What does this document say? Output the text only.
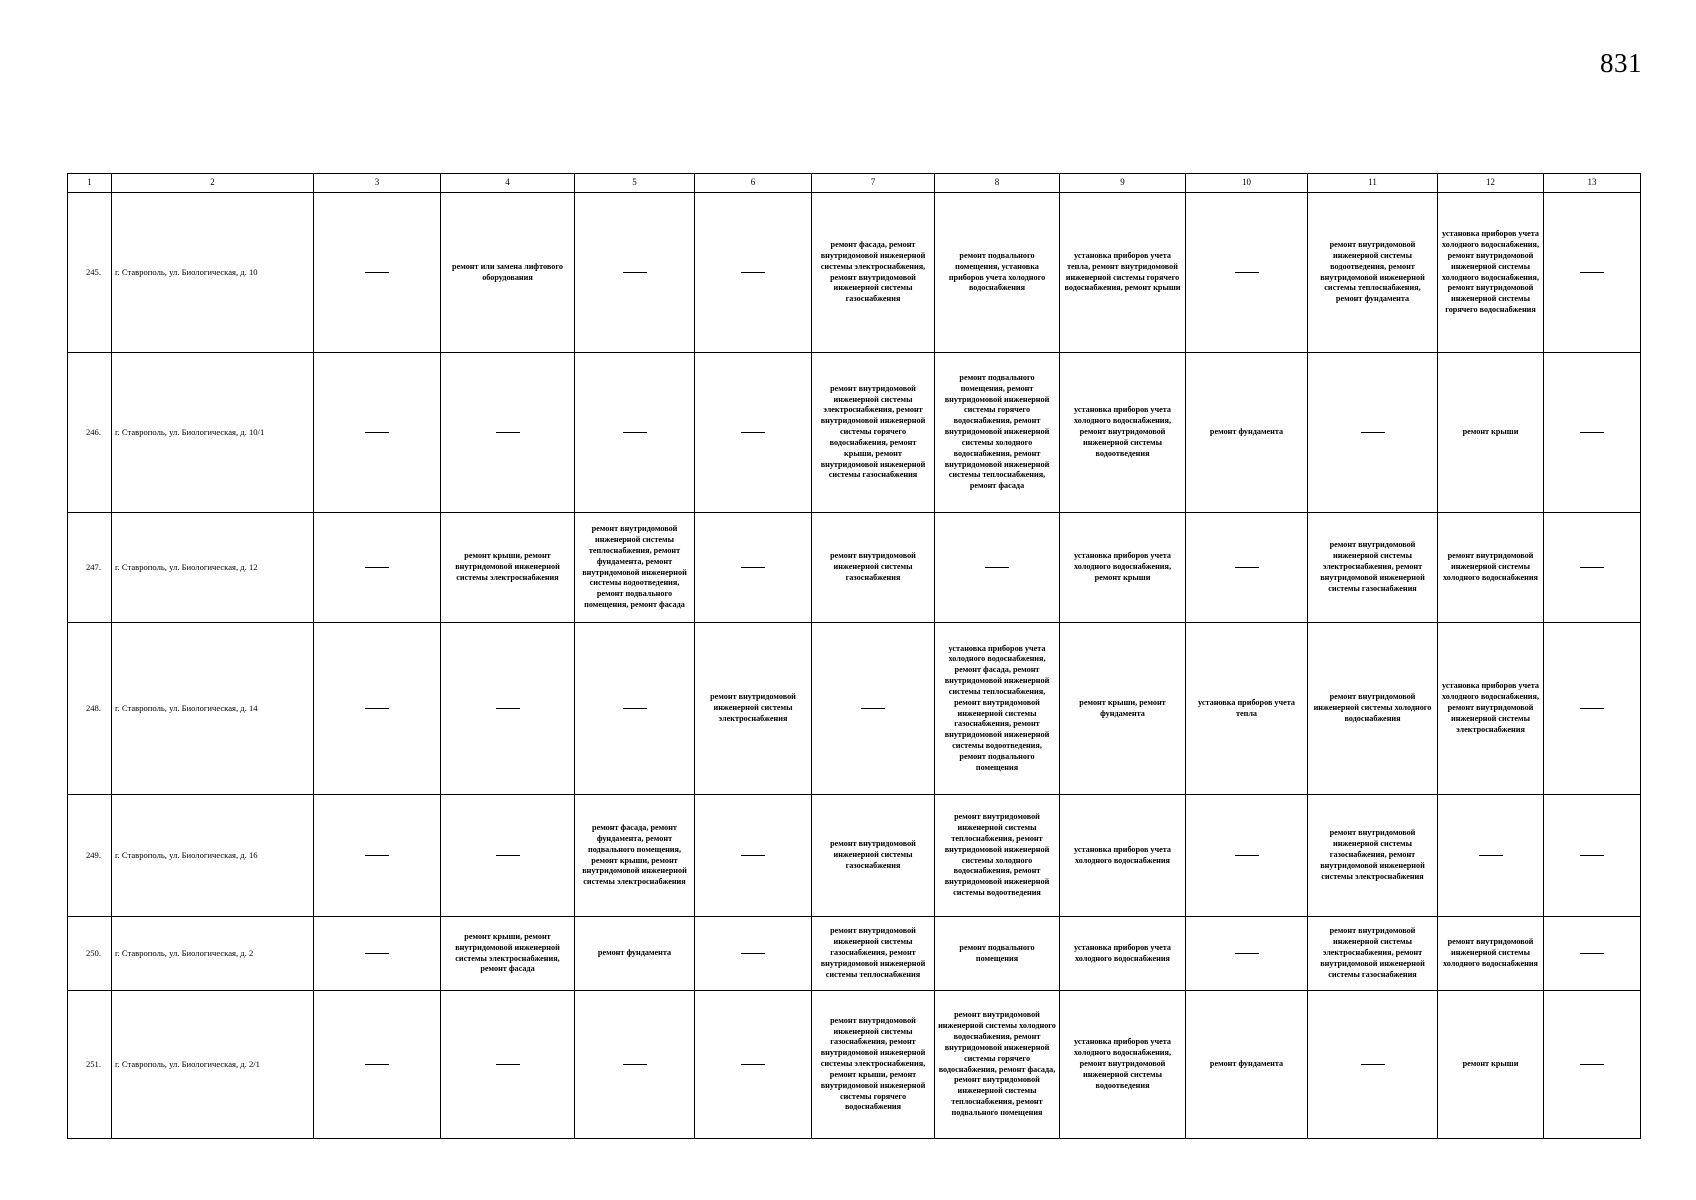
831
1	2	3	4	5	6	7	8	9	10	11	12	13
245.	г. Ставрополь, ул. Биологическая, д. 10		ремонт или замена лифтового оборудования			ремонт фасада, ремонт внутридомовой инженерной системы электроснабжения, ремонт внутридомовой инженерной системы газоснабжения	ремонт подвального помещения, установка приборов учета холодного водоснабжения	установка приборов учета тепла, ремонт внутридомовой инженерной системы горячего водоснабжения, ремонт крыши		ремонт внутридомовой инженерной системы водоотведения, ремонт внутридомовой инженерной системы теплоснабжения, ремонт фундамента	установка приборов учета холодного водоснабжения, ремонт внутридомовой инженерной системы холодного водоснабжения, ремонт внутридомовой инженерной системы горячего водоснабжения	
246.	г. Ставрополь, ул. Биологическая, д. 10/1					ремонт внутридомовой инженерной системы электроснабжения, ремонт внутридомовой инженерной системы горячего водоснабжения, ремонт крыши, ремонт внутридомовой инженерной системы газоснабжения	ремонт подвального помещения, ремонт внутридомовой инженерной системы горячего водоснабжения, ремонт внутридомовой инженерной системы холодного водоснабжения, ремонт внутридомовой инженерной системы теплоснабжения, ремонт фасада	установка приборов учета холодного водоснабжения, ремонт внутридомовой инженерной системы водоотведения	ремонт фундамента		ремонт крыши	
247.	г. Ставрополь, ул. Биологическая, д. 12		ремонт крыши, ремонт внутридомовой инженерной системы электроснабжения	ремонт внутридомовой инженерной системы теплоснабжения, ремонт фундамента, ремонт внутридомовой инженерной системы водоотведения, ремонт подвального помещения, ремонт фасада		ремонт внутридомовой инженерной системы газоснабжения		установка приборов учета холодного водоснабжения, ремонт крыши		ремонт внутридомовой инженерной системы электроснабжения, ремонт внутридомовой инженерной системы газоснабжения	ремонт внутридомовой инженерной системы холодного водоснабжения	
248.	г. Ставрополь, ул. Биологическая, д. 14				ремонт внутридомовой инженерной системы электроснабжения		установка приборов учета холодного водоснабжения, ремонт фасада, ремонт внутридомовой инженерной системы теплоснабжения, ремонт внутридомовой инженерной системы газоснабжения, ремонт внутридомовой инженерной системы водоотведения, ремонт подвального помещения	ремонт крыши, ремонт фундамента	установка приборов учета тепла	ремонт внутридомовой инженерной системы холодного водоснабжения	установка приборов учета холодного водоснабжения, ремонт внутридомовой инженерной системы электроснабжения	
249.	г. Ставрополь, ул. Биологическая, д. 16			ремонт фасада, ремонт фундамента, ремонт подвального помещения, ремонт крыши, ремонт внутридомовой инженерной системы электроснабжения		ремонт внутридомовой инженерной системы газоснабжения	ремонт внутридомовой инженерной системы теплоснабжения, ремонт внутридомовой инженерной системы холодного водоснабжения, ремонт внутридомовой инженерной системы водоотведения	установка приборов учета холодного водоснабжения		ремонт внутридомовой инженерной системы газоснабжения, ремонт внутридомовой инженерной системы электроснабжения		
250.	г. Ставрополь, ул. Биологическая, д. 2		ремонт крыши, ремонт внутридомовой инженерной системы электроснабжения, ремонт фасада	ремонт фундамента		ремонт внутридомовой инженерной системы газоснабжения, ремонт внутридомовой инженерной системы теплоснабжения	ремонт подвального помещения	установка приборов учета холодного водоснабжения		ремонт внутридомовой инженерной системы электроснабжения, ремонт внутридомовой инженерной системы газоснабжения	ремонт внутридомовой инженерной системы холодного водоснабжения	
251.	г. Ставрополь, ул. Биологическая, д. 2/1					ремонт внутридомовой инженерной системы газоснабжения, ремонт внутридомовой инженерной системы электроснабжения, ремонт крыши, ремонт внутридомовой инженерной системы горячего водоснабжения	ремонт внутридомовой инженерной системы холодного водоснабжения, ремонт внутридомовой инженерной системы горячего водоснабжения, ремонт фасада, ремонт внутридомовой инженерной системы теплоснабжения, ремонт подвального помещения	установка приборов учета холодного водоснабжения, ремонт внутридомовой инженерной системы водоотведения	ремонт фундамента		ремонт крыши	
